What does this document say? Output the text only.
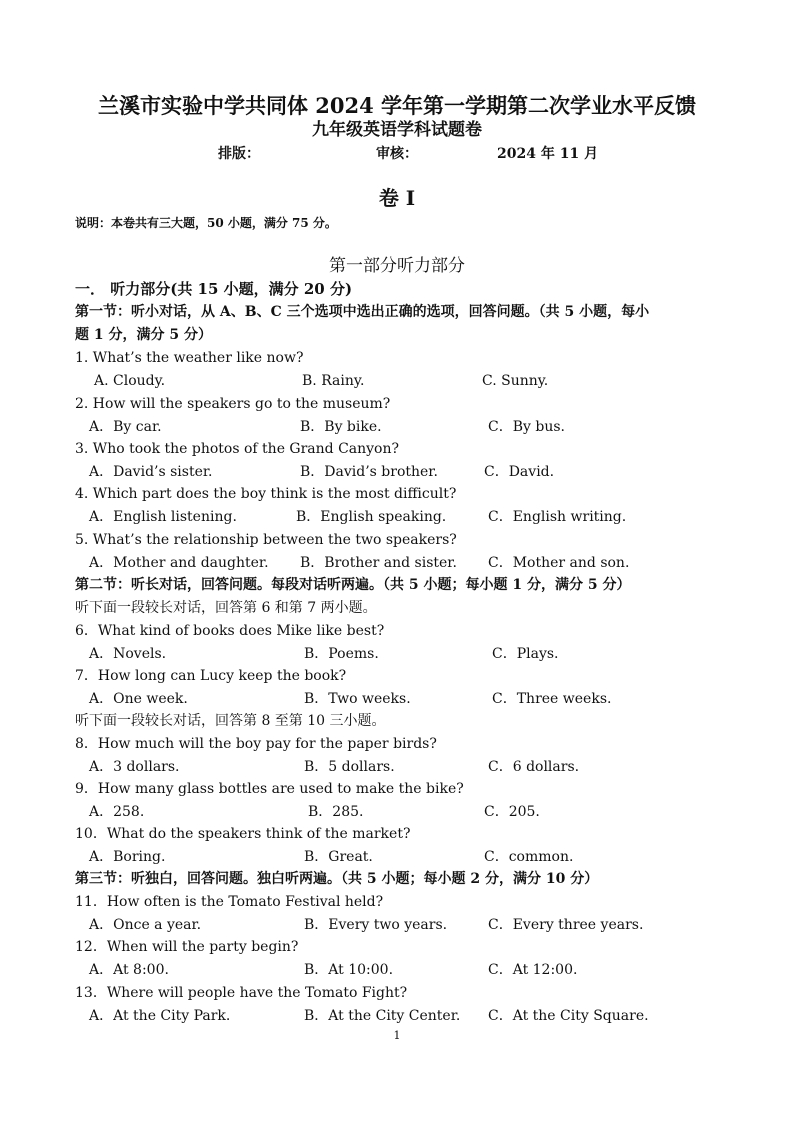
兰溪市实验中学共同体 2024 学年第一学期第二次学业水平反馈
九年级英语学科试题卷
排版：	审核：	2024 年 11 月
卷 I
说明：本卷共有三大题，50 小题，满分 75 分。
第一部分听力部分
一． 听力部分(共 15 小题，满分 20 分)
第一节：听小对话，从 A、B、C 三个选项中选出正确的选项，回答问题。（共 5 小题，每小
题 1 分，满分 5 分）
1. What’s the weather like now?
A. Cloudy.	B. Rainy.	C. Sunny.
2. How will the speakers go to the museum?
A．By car.	B．By bike.	C．By bus.
3. Who took the photos of the Grand Canyon?
A．David’s sister.	B．David’s brother.	C．David.
4. Which part does the boy think is the most difficult?
A．English listening.	B．English speaking.	C．English writing.
5. What’s the relationship between the two speakers?
A．Mother and daughter. B．Brother and sister. C．Mother and son.
第二节：听长对话，回答问题。每段对话听两遍。（共 5 小题；每小题 1 分，满分 5 分）
听下面一段较长对话，回答第 6 和第 7 两小题。
6．What kind of books does Mike like best?
A．Novels.	B．Poems.	C．Plays.
7．How long can Lucy keep the book?
A．One week.	B．Two weeks.	C．Three weeks.
听下面一段较长对话，回答第 8 至第 10 三小题。
8．How much will the boy pay for the paper birds?
A．3 dollars.	B．5 dollars.	C．6 dollars.
9．How many glass bottles are used to make the bike?
A．258.	B．285.	C．205.
10．What do the speakers think of the market?
A．Boring.	B．Great.	C．common.
第三节：听独白，回答问题。独白听两遍。（共 5 小题；每小题 2 分，满分 10 分）
11．How often is the Tomato Festival held?
A．Once a year.	B．Every two years.	C．Every three years.
12．When will the party begin?
A．At 8:00.	B．At 10:00.	C．At 12:00.
13．Where will people have the Tomato Fight?
A．At the City Park.	B．At the City Center. C．At the City Square.
1
